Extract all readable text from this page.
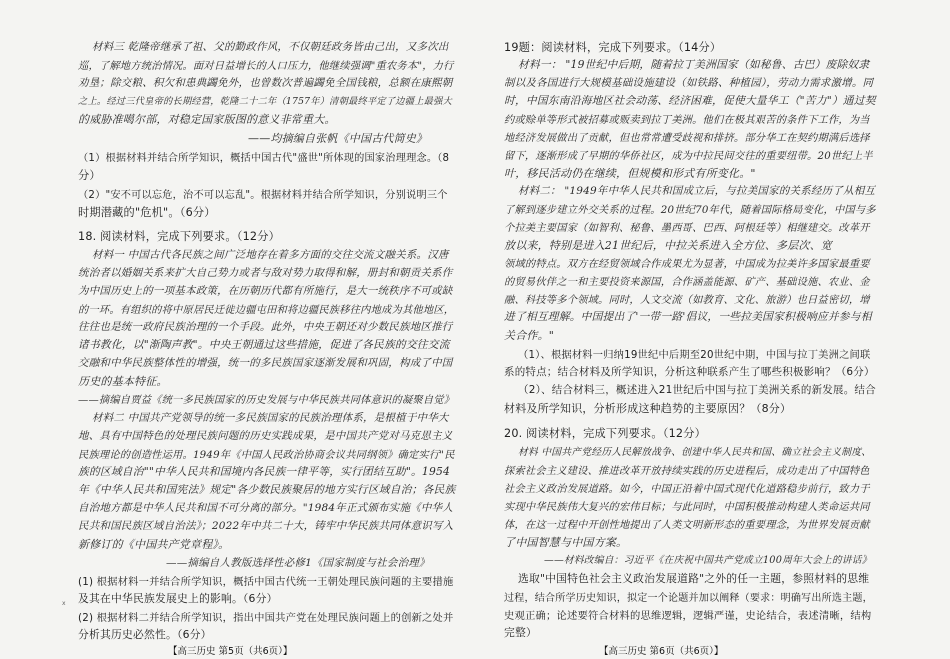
材料三 乾隆帝继承了祖、父的勤政作风，不仅朝廷政务皆由己出，又多次出

巡，了解地方统治情况。面对日益增长的人口压力，他继续强调"重农务本"，力行

劝垦；除交粮、积欠和患典蠲免外，也曾数次普遍蠲免全国钱粮，总额在康熙朝

之上。经过三代皇帝的长期经营，乾隆二十二年（1757年）清朝最终平定了边疆上最强大

的威胁准噶尔部，对稳定国家版图的意义非常重大。

——均摘编自张帆《中国古代简史》

（1）根据材料并结合所学知识，概括中国古代"盛世"所体现的国家治理理念。（8

分）

（2）"安不可以忘危，治不可以忘乱"。根据材料并结合所学知识，分别说明三个

时期潜藏的"危机"。（6分）

18. 阅读材料，完成下列要求。（12分）

材料一 中国古代各民族之间广泛地存在着多方面的交往交流文融关系。汉唐

统治者以婚姻关系来扩大自己势力或者与敌对势力取得和解，册封和朝贡关系作

为中国历史上的一项基本政策，在历朝历代都有所施行，是大一统秩序不可或缺

的一环。有组织的将中原居民迁徙边疆屯田和将边疆民族移往内地成为其他地区，

往往也是统一政府民族治理的一个手段。此外，中央王朝还对少数民族地区推行

诸书教化，以"渐陶声教"。中央王朝通过这些措施，促进了各民族的交往交流

交融和中华民族整体性的增强，统一的多民族国家逐渐发展和巩固，构成了中国

历史的基本特征。

——摘编自贾益《统一多民族国家的历史发展与中华民族共同体意识的凝聚自觉》

材料二 中国共产党领导的统一多民族国家的民族治理体系，是根植于中华大

地、具有中国特色的处理民族问题的历史实践成果，是中国共产党对马克思主义

民族理论的创造性运用。1949年《中国人民政治协商会议共同纲领》确定实行"民

族的区域自治""中华人民共和国境内各民族一律平等，实行团结互助"。1954

年《中华人民共和国宪法》规定"各少数民族聚居的地方实行区域自治；各民族

自治地方都是中华人民共和国不可分离的部分。"1984年正式颁布实施《中华人

民共和国民族区域自治法》；2022年中共二十大，铸牢中华民族共同体意识写入

新修订的《中国共产党章程》。

——摘编自人教版选择性必修1《国家制度与社会治理》

(1) 根据材料一并结合所学知识，概括中国古代统一王朝处理民族问题的主要措施

19题：阅读材料，完成下列要求。（14分）

材料一： "19世纪中后期，随着拉丁美洲国家（如秘鲁、古巴）废除奴隶

制以及各国进行大规模基础设施建设（如铁路、种植园），劳动力需求激增。同

时，中国东南沿海地区社会动荡、经济困难，促使大量华工（"苦力"）通过契

约或赊单等形式被招募或贩卖到拉丁美洲。他们在极其艰苦的条件下工作，为当

地经济发展做出了贡献，但也常常遭受歧视和排挤。部分华工在契约期满后选择

留下，逐渐形成了早期的华侨社区，成为中拉民间交往的重要纽带。20世纪上半

叶，移民活动仍在继续，但规模和形式有所变化。"

材料二： "1949年中华人民共和国成立后，与拉美国家的关系经历了从相互

了解到逐步建立外交关系的过程。20世纪70年代，随着国际格局变化，中国与多

个拉美主要国家（如智利、秘鲁、墨西哥、巴西、阿根廷等）相继建交。改革开

放以来，特别是进入21世纪后，中拉关系进入全方位、多层次、宽

领域的特点。双方在经贸领域合作成果尤为显著，中国成为拉美许多国家最重要

的贸易伙伴之一和主要投资来源国，合作涵盖能源、矿产、基础设施、农业、金

融、科技等多个领域。同时，人文交流（如教育、文化、旅游）也日益密切，增

进了相互理解。中国提出了'一带一路'倡议，一些拉美国家积极响应并参与相

关合作。"

（1）、根据材料一归纳19世纪中后期至20世纪中期，中国与拉丁美洲之间联

系的特点；结合材料及所学知识，分析这种联系产生了哪些积极影响？（6分）

（2）、结合材料三，概述进入21世纪后中国与拉丁美洲关系的新发展。结合

材料及所学知识，分析形成这种趋势的主要原因？（8分）

20. 阅读材料，完成下列要求。（12分）

材料 中国共产党经历人民解放战争、创建中华人民共和国、确立社会主义制度、

探索社会主义建设、推进改革开放持续实践的历史进程后，成功走出了中国特色

社会主义政治发展道路。如今，中国正沿着中国式现代化道路稳步前行，致力于

实现中华民族伟大复兴的宏伟目标；与此同时，中国积极推动构建人类命运共同

体，在这一过程中开创性地提出了人类文明新形态的重要理念，为世界发展贡献

了中国智慧与中国方案。

——材料改编自：习近平《在庆祝中国共产党成立100周年大会上的讲话》

及其在中华民族发展史上的影响。（6分）

(2) 根据材料二并结合所学知识，指出中国共产党在处理民族问题上的创新之处并

分析其历史必然性。（6分）

【高三历史 第5页（共6页）】

选取"中国特色社会主义政治发展道路"之外的任一主题，参照材料的思维

过程，结合所学历史知识，拟定一个论题并加以阐释（要求：明确写出所选主题，

史观正确；论述要符合材料的思维逻辑，逻辑严谨，史论结合，表述清晰，结构

完整）

【高三历史 第6页（共6页）】

x
